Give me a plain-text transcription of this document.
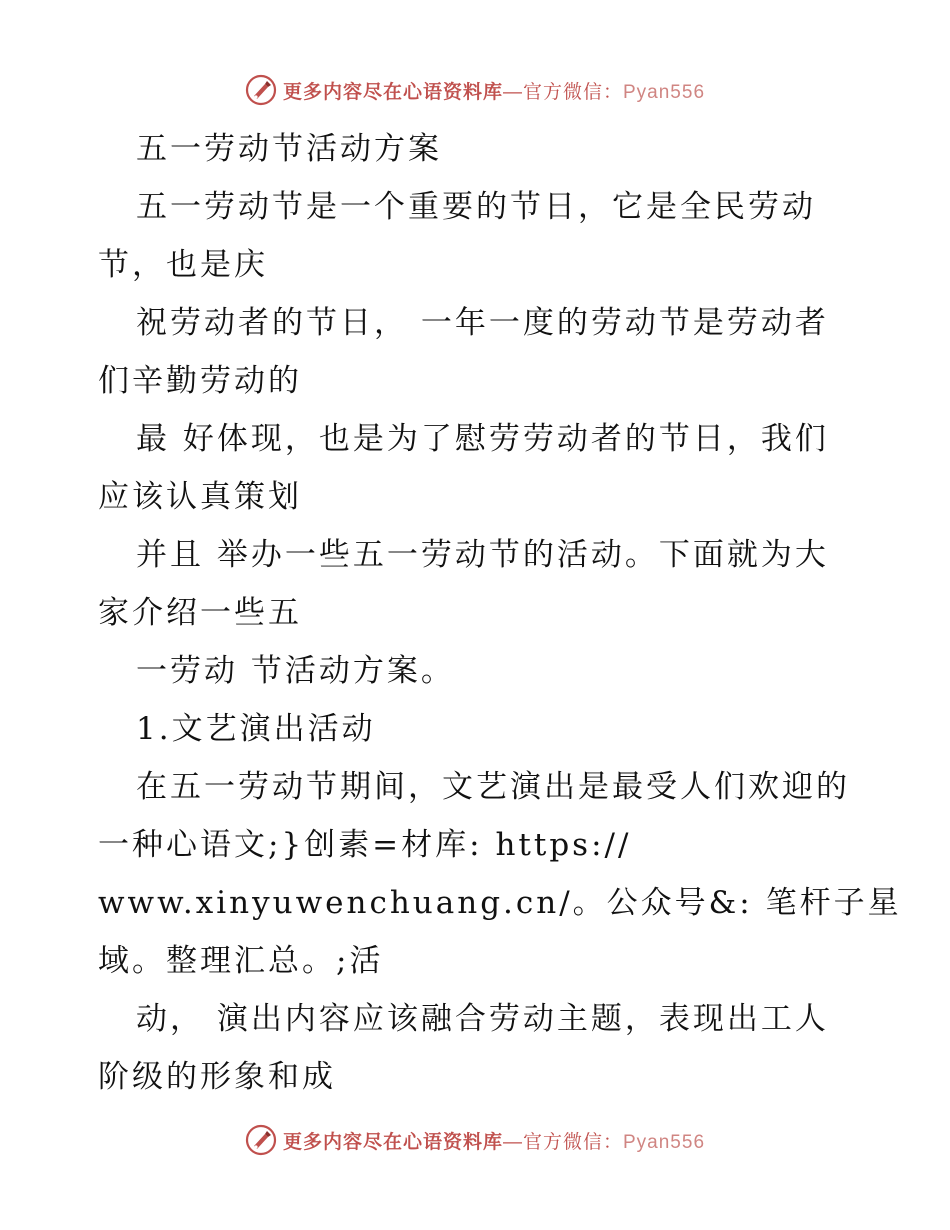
更多内容尽在心语资料库—官方微信：Pyan556
五一劳动节活动方案
五一劳动节是一个重要的节日，它是全民劳动
节，也是庆
祝劳动者的节日， 一年一度的劳动节是劳动者
们辛勤劳动的
最 好体现，也是为了慰劳劳动者的节日，我们
应该认真策划
并且 举办一些五一劳动节的活动。下面就为大
家介绍一些五
一劳动 节活动方案。
1.文艺演出活动
在五一劳动节期间，文艺演出是最受人们欢迎的
一种心语文;}创素=材库: https://
www.xinyuwenchuang.cn/。公众号&: 笔杆子星
域。整理汇总。;活
动， 演出内容应该融合劳动主题，表现出工人
阶级的形象和成
更多内容尽在心语资料库—官方微信：Pyan556
